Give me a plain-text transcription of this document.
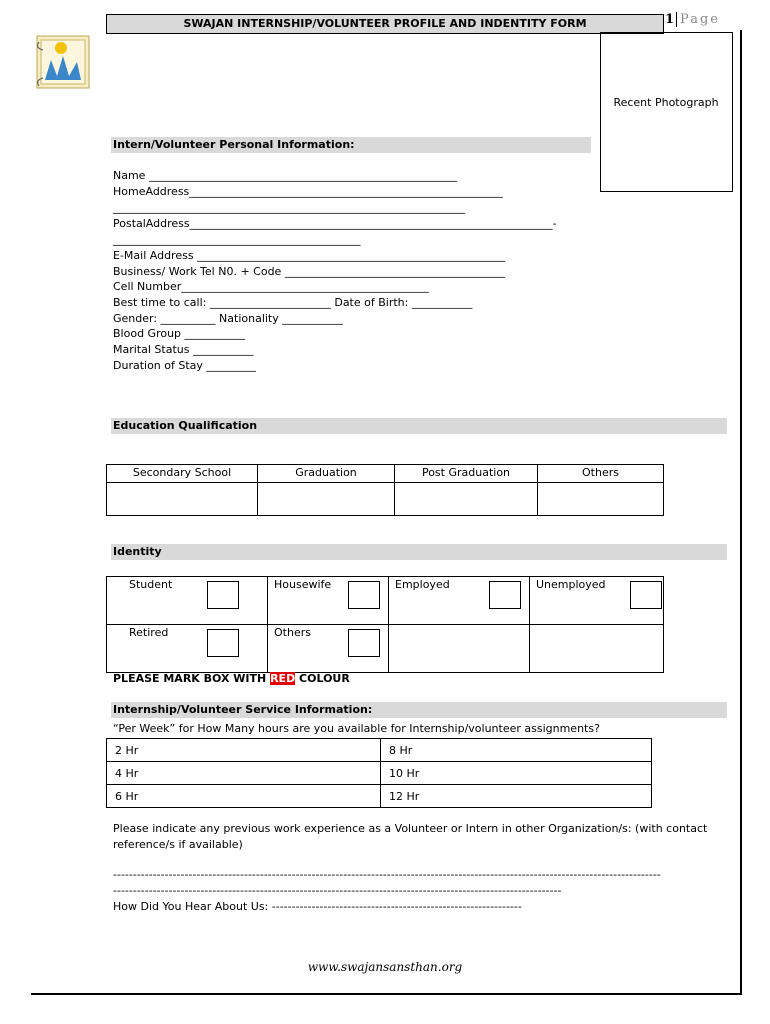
SWAJAN INTERNSHIP/VOLUNTEER PROFILE AND INDENTITY FORM	1 Page
Recent Photograph
Intern/Volunteer Personal Information:
Name ________________________________________________________
HomeAddress_________________________________________________________
________________________________________________________________
PostalAddress__________________________________________________________________-
_____________________________________________
E-Mail Address ________________________________________________________
Business/ Work Tel N0. + Code ________________________________________
Cell Number_____________________________________________
Best time to call: ______________________ Date of Birth: ___________
Gender: __________ Nationality ___________
Blood Group ___________
Marital Status ___________
Duration of Stay _________
Education Qualification
Secondary School	Graduation	Post Graduation	Others

Identity
Student	Housewife	Employed	Unemployed

Retired	Others		

PLEASE MARK BOX WITH RED COLOUR
Internship/Volunteer Service Information:
“Per Week” for How Many hours are you available for Internship/volunteer assignments?
2 Hr	8 Hr
4 Hr	10 Hr
6 Hr	12 Hr
Please indicate any previous work experience as a Volunteer or Intern in other Organization/s: (with contact
reference/s if available)
------------------------------------------------------------------------------------------------------------------------------------------
-----------------------------------------------------------------------------------------------------------------
How Did You Hear About Us: ---------------------------------------------------------------
www.swajansansthan.org
